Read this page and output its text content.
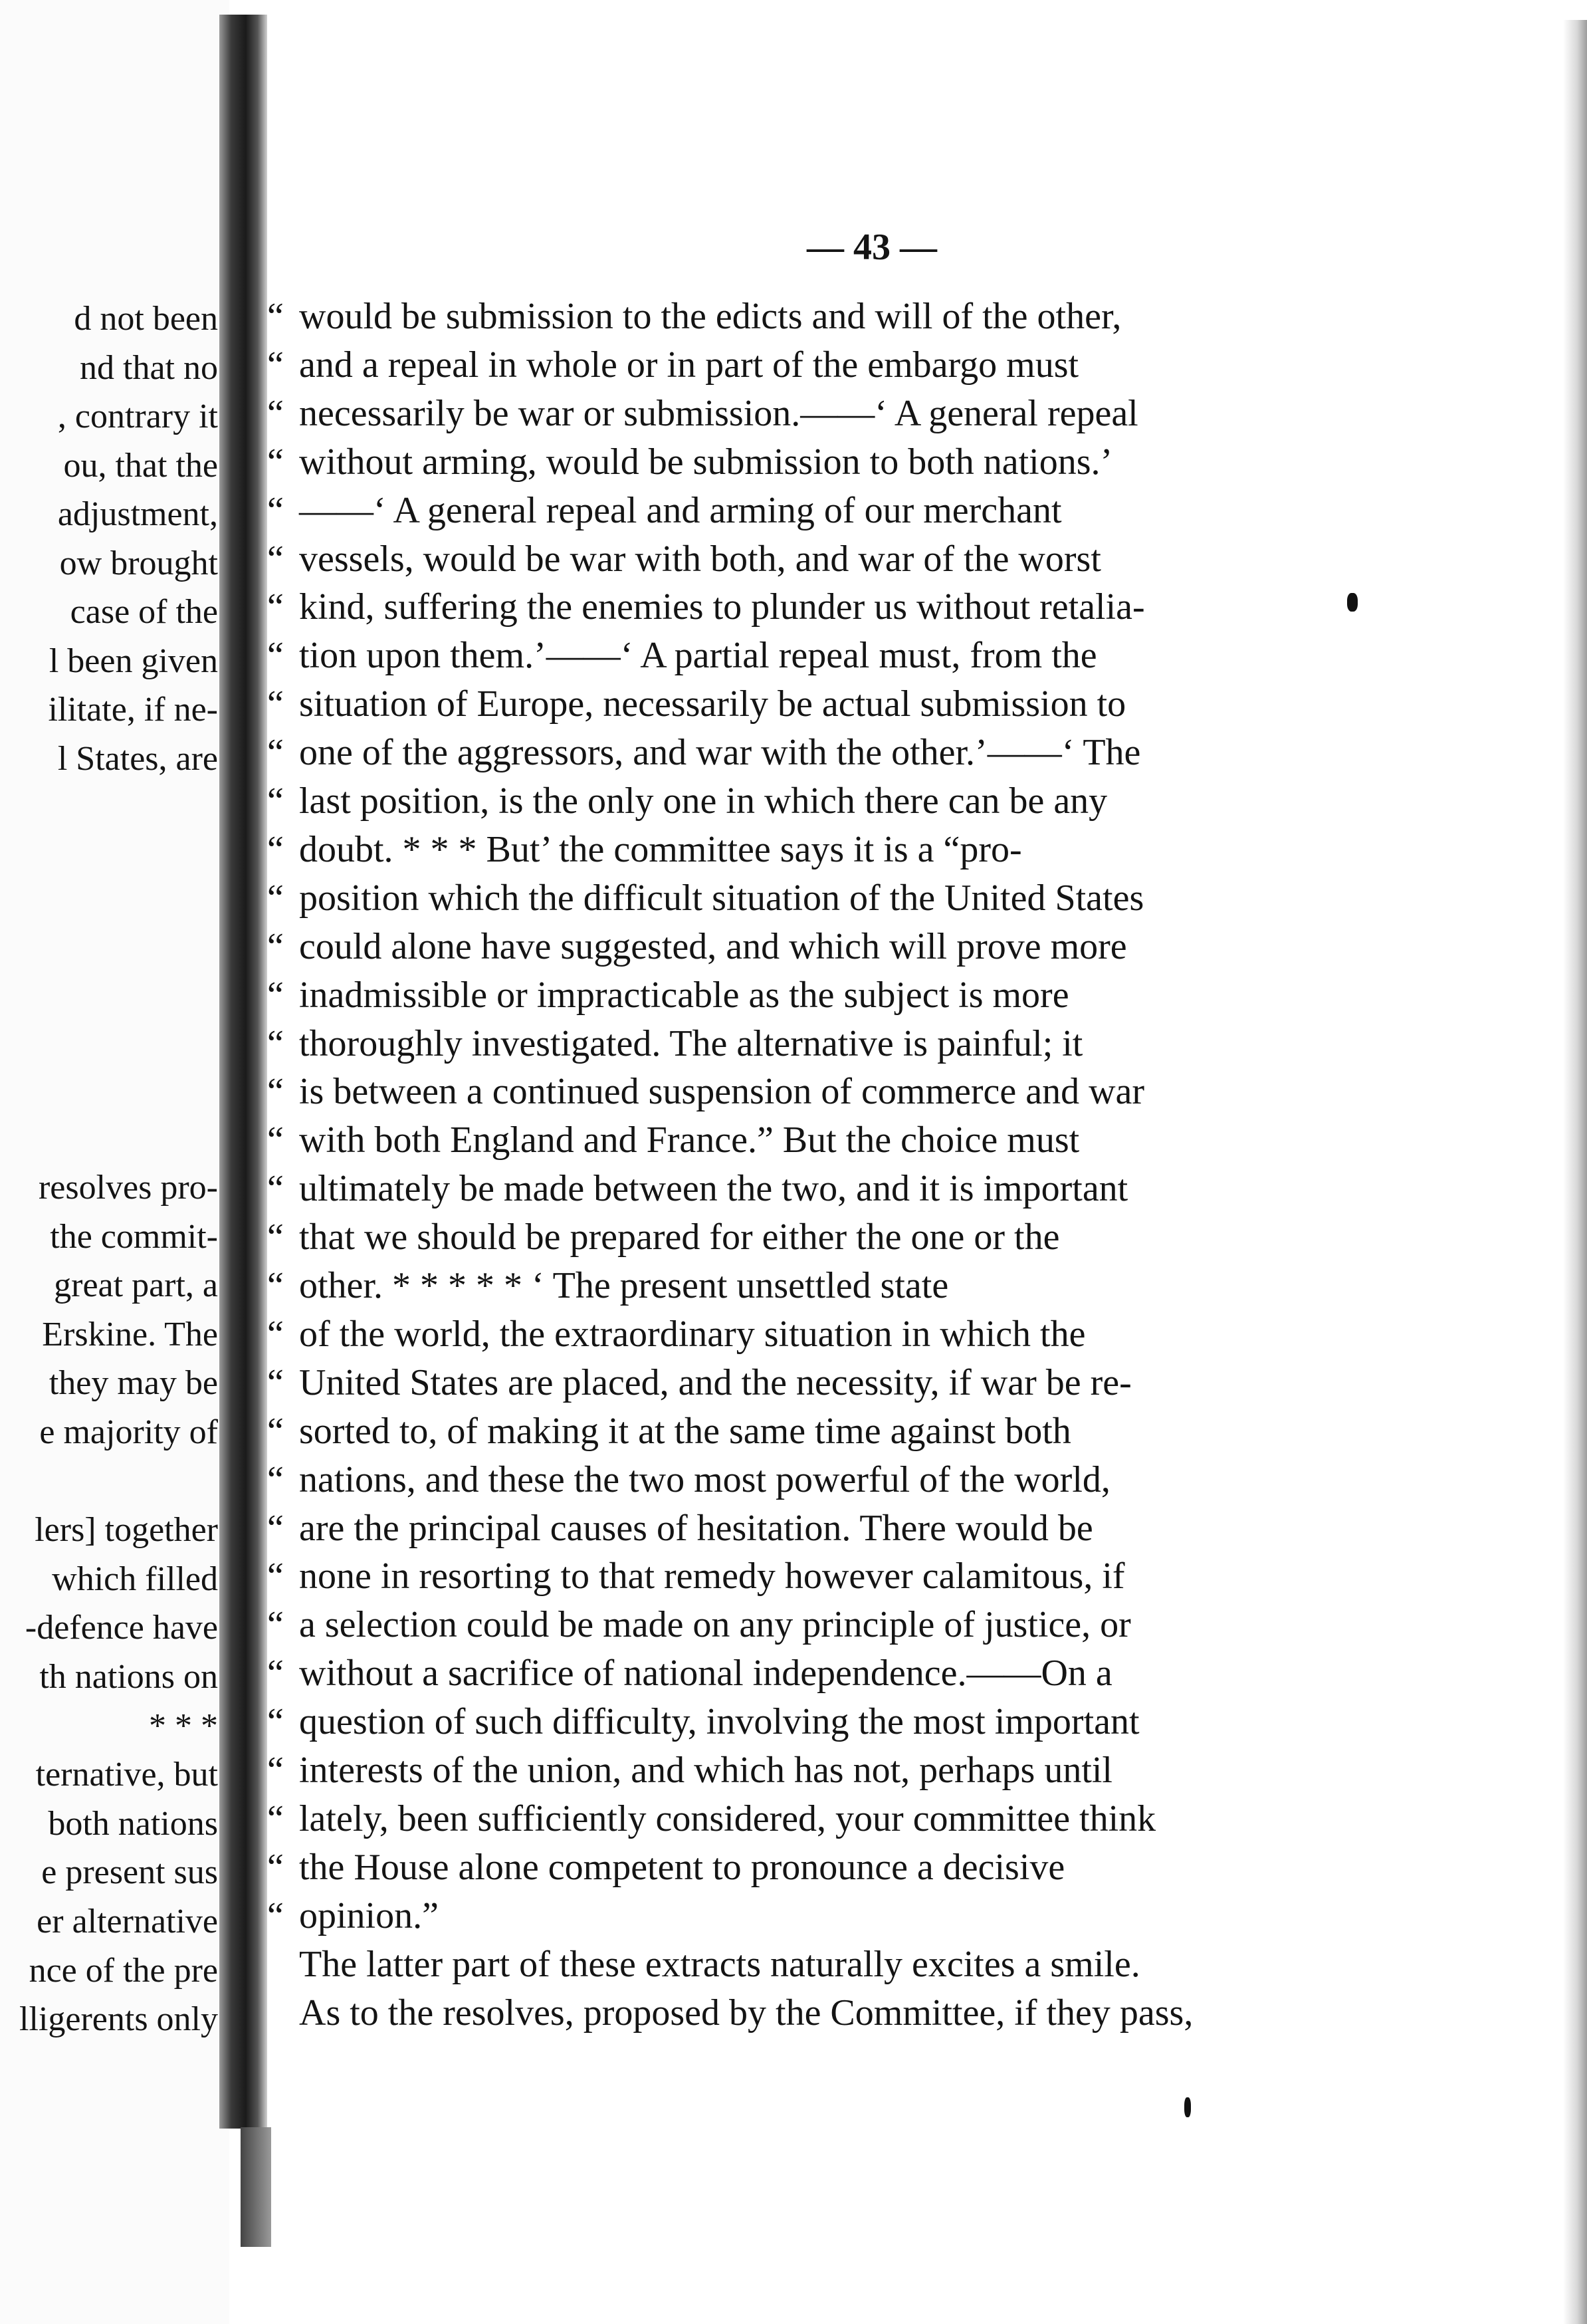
d not been
nd that no
, contrary it
ou, that the
adjustment,
ow brought
case of the
l been given
ilitate, if ne-
l States, are
resolves pro-
the commit-
great part, a
Erskine. The
they may be
e majority of
lers] together
which filled
-defence have
th nations on
* * *
ternative, but
both nations
e present sus
er alternative
nce of the pre
lligerents only
— 43 —
“ would be submission to the edicts and will of the other,
“ and a repeal in whole or in part of the embargo must
“ necessarily be war or submission.——‘ A general repeal
“ without arming, would be submission to both nations.’
“ ——‘ A general repeal and arming of our merchant
“ vessels, would be war with both, and war of the worst
“ kind, suffering the enemies to plunder us without retalia-
“ tion upon them.’——‘ A partial repeal must, from the
“ situation of Europe, necessarily be actual submission to
“ one of the aggressors, and war with the other.’——‘ The
“ last position, is the only one in which there can be any
“ doubt. * * * But’ the committee says it is a “pro-
“ position which the difficult situation of the United States
“ could alone have suggested, and which will prove more
“ inadmissible or impracticable as the subject is more
“ thoroughly investigated. The alternative is painful; it
“ is between a continued suspension of commerce and war
“ with both England and France.” But the choice must
“ ultimately be made between the two, and it is important
“ that we should be prepared for either the one or the
“ other. * * * * * ‘ The present unsettled state
“ of the world, the extraordinary situation in which the
“ United States are placed, and the necessity, if war be re-
“ sorted to, of making it at the same time against both
“ nations, and these the two most powerful of the world,
“ are the principal causes of hesitation. There would be
“ none in resorting to that remedy however calamitous, if
“ a selection could be made on any principle of justice, or
“ without a sacrifice of national independence.——On a
“ question of such difficulty, involving the most important
“ interests of the union, and which has not, perhaps until
“ lately, been sufficiently considered, your committee think
“ the House alone competent to pronounce a decisive
“ opinion.”
The latter part of these extracts naturally excites a smile.
As to the resolves, proposed by the Committee, if they pass,
